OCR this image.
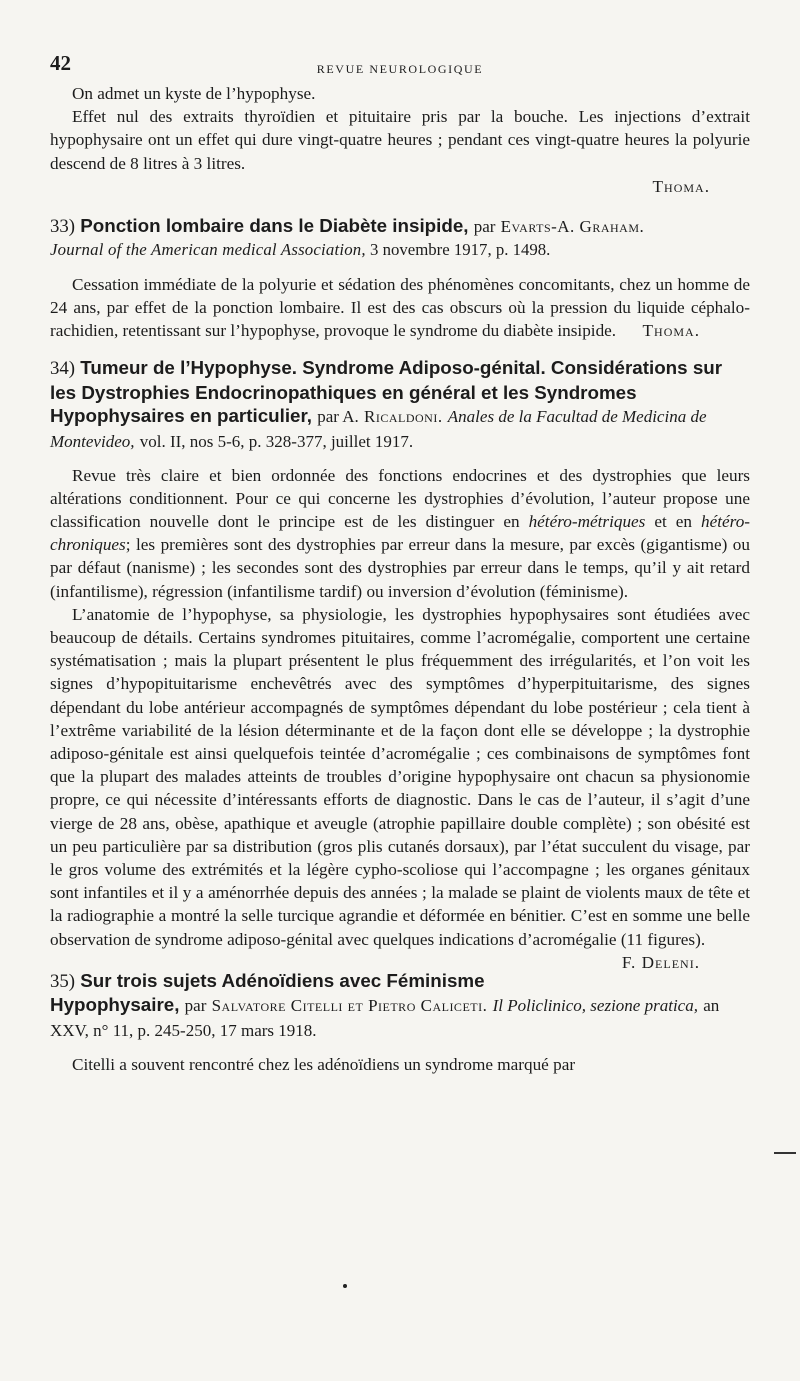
42	REVUE NEUROLOGIQUE

On admet un kyste de l’hypophyse.

Effet nul des extraits thyroïdien et pituitaire pris par la bouche. Les injections d’extrait hypophysaire ont un effet qui dure vingt-quatre heures ; pendant ces vingt-quatre heures la polyurie descend de 8 litres à 3 litres.

Thoma.

33) Ponction lombaire dans le Diabète insipide, par Evarts-A. Graham.
Journal of the American medical Association, 3 novembre 1917, p. 1498.

Cessation immédiate de la polyurie et sédation des phénomènes concomitants, chez un homme de 24 ans, par effet de la ponction lombaire. Il est des cas obscurs où la pression du liquide céphalo-rachidien, retentissant sur l’hypophyse, provoque le syndrome du diabète insipide.	Thoma.

34) Tumeur de l’Hypophyse. Syndrome Adiposo-génital. Considérations sur les Dystrophies Endocrinopathiques en général et les Syndromes Hypophysaires en particulier, par A. Ricaldoni. Anales de la Facultad de Medicina de Montevideo, vol. II, nos 5-6, p. 328-377, juillet 1917.

Revue très claire et bien ordonnée des fonctions endocrines et des dystrophies que leurs altérations conditionnent. Pour ce qui concerne les dystrophies d’évolution, l’auteur propose une classification nouvelle dont le principe est de les distinguer en hétéro-métriques et en hétéro-chroniques; les premières sont des dystrophies par erreur dans la mesure, par excès (gigantisme) ou par défaut (nanisme) ; les secondes sont des dystrophies par erreur dans le temps, qu’il y ait retard (infantilisme), régression (infantilisme tardif) ou inversion d’évolution (féminisme).

L’anatomie de l’hypophyse, sa physiologie, les dystrophies hypophysaires sont étudiées avec beaucoup de détails. Certains syndromes pituitaires, comme l’acromégalie, comportent une certaine systématisation ; mais la plupart présentent le plus fréquemment des irrégularités, et l’on voit les signes d’hypopituitarisme enchevêtrés avec des symptômes d’hyperpituitarisme, des signes dépendant du lobe antérieur accompagnés de symptômes dépendant du lobe postérieur ; cela tient à l’extrême variabilité de la lésion déterminante et de la façon dont elle se développe ; la dystrophie adiposo-génitale est ainsi quelquefois teintée d’acromégalie ; ces combinaisons de symptômes font que la plupart des malades atteints de troubles d’origine hypophysaire ont chacun sa physionomie propre, ce qui nécessite d’intéressants efforts de diagnostic. Dans le cas de l’auteur, il s’agit d’une vierge de 28 ans, obèse, apathique et aveugle (atrophie papillaire double complète) ; son obésité est un peu particulière par sa distribution (gros plis cutanés dorsaux), par l’état succulent du visage, par le gros volume des extrémités et la légère cypho-scoliose qui l’accompagne ; les organes génitaux sont infantiles et il y a aménorrhée depuis des années ; la malade se plaint de violents maux de tête et la radiographie a montré la selle turcique agrandie et déformée en bénitier. C’est en somme une belle observation de syndrome adiposo-génital avec quelques indications d’acromégalie (11 figures).
F. Deleni.

35) Sur trois sujets Adénoïdiens avec Féminisme Hypophysaire, par Salvatore Citelli et Pietro Caliceti. Il Policlinico, sezione pratica, an XXV, n° 11, p. 245-250, 17 mars 1918.

Citelli a souvent rencontré chez les adénoïdiens un syndrome marqué par
